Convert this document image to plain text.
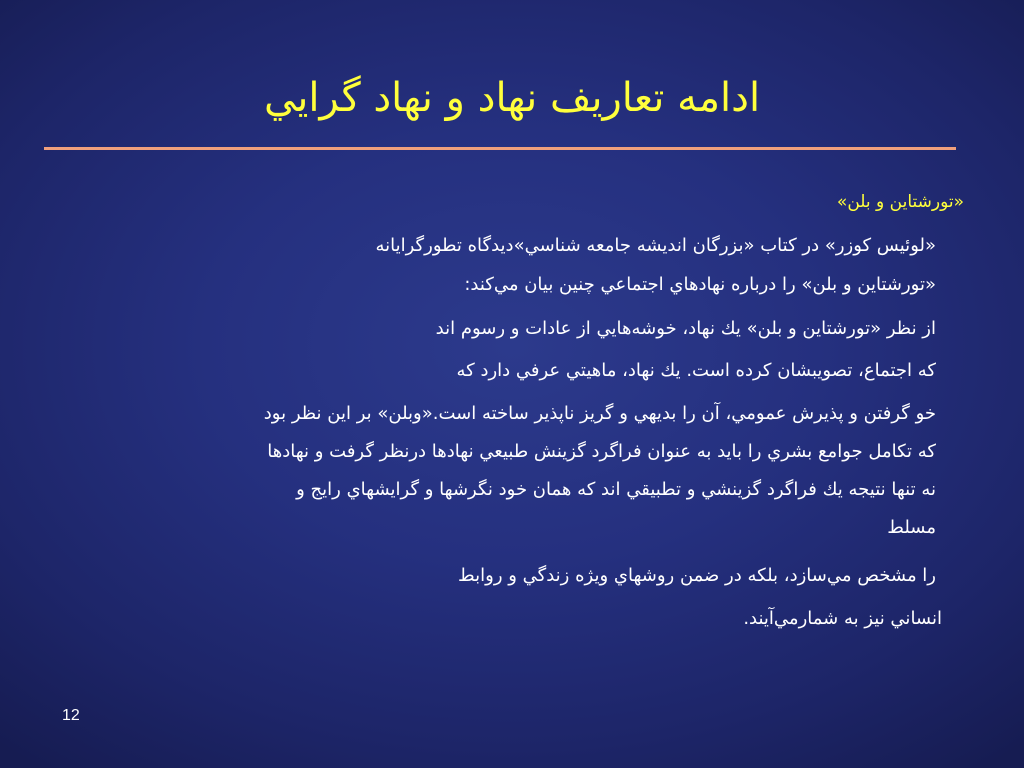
ادامه تعاريف نهاد و نهاد گرايي
«تورشتاين و بلن»
«لوئيس كوزر» در كتاب «بزرگان انديشه جامعه شناسي»ديدگاه تطورگرايانه
«تورشتاين و بلن» را درباره نهادهاي اجتماعي چنين بيان مي‌كند:
از نظر «تورشتاين و بلن» يك نهاد، خوشه‌هايي از عادات و رسوم اند
كه اجتماع، تصويبشان كرده است. يك نهاد، ماهيتي عرفي دارد كه
خو گرفتن و پذيرش عمومي، آن را بديهي و گريز ناپذير ساخته است.«وبلن» بر اين نظر بود
كه تكامل جوامع بشري را بايد به عنوان فراگرد گزينش طبيعي نهادها درنظر گرفت و نهادها
نه تنها نتيجه يك فراگرد گزينشي و تطبيقي اند كه همان خود نگرشها و گرايشهاي رايج و
مسلط
را مشخص مي‌سازد، بلكه در ضمن روشهاي ويژه زندگي و روابط
انساني نيز به شمارمي‌آيند.
12
